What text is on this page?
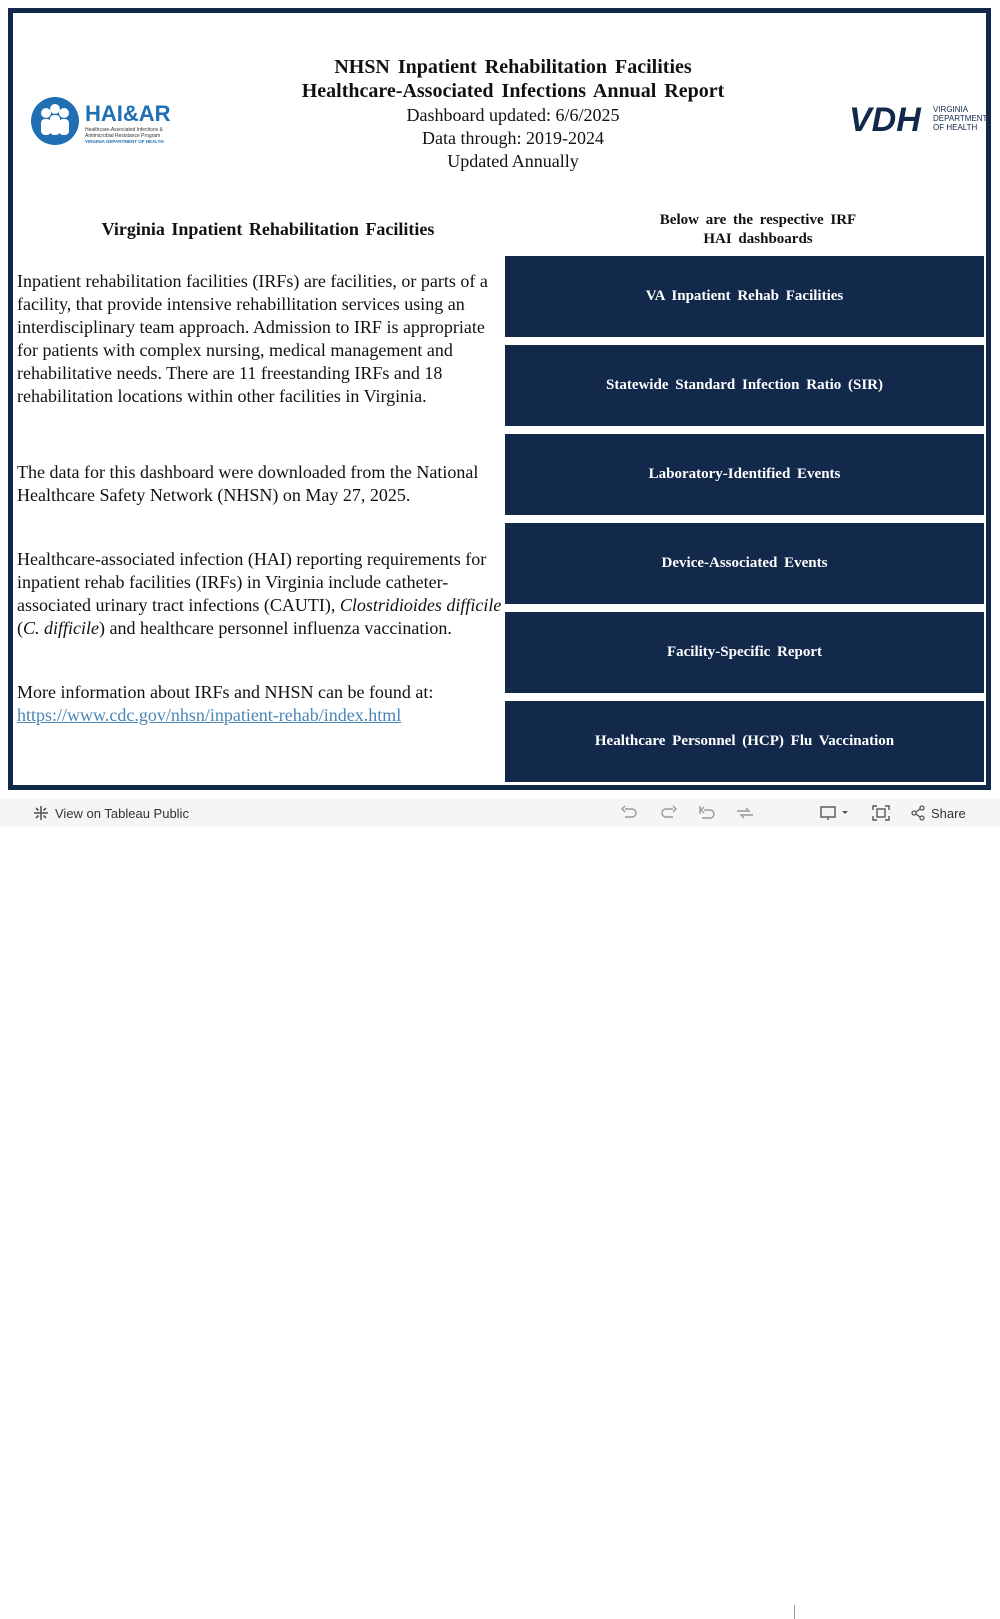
HAI&AR
Healthcare-Associated Infections &
Antimicrobial Resistance Program
VIRGINIA DEPARTMENT OF HEALTH
VDH VIRGINIA
DEPARTMENT
OF HEALTH
NHSN Inpatient Rehabilitation Facilities
Healthcare-Associated Infections Annual Report
Dashboard updated: 6/6/2025
Data through: 2019-2024
Updated Annually
Virginia Inpatient Rehabilitation Facilities
Inpatient rehabilitation facilities (IRFs) are facilities, or parts of a facility, that provide intensive rehabillitation services using an interdisciplinary team approach. Admission to IRF is appropriate for patients with complex nursing, medical management and rehabilitative needs. There are 11 freestanding IRFs and 18 rehabilitation locations within other facilities in Virginia.
The data for this dashboard were downloaded from the National Healthcare Safety Network (NHSN) on May 27, 2025.
Healthcare-associated infection (HAI) reporting requirements for inpatient rehab facilities (IRFs) in Virginia include catheter-associated urinary tract infections (CAUTI), Clostridioides difficile (C. difficile) and healthcare personnel influenza vaccination.
More information about IRFs and NHSN can be found at:
https://www.cdc.gov/nhsn/inpatient-rehab/index.html
Below are the respective IRF
HAI dashboards
VA Inpatient Rehab Facilities
Statewide Standard Infection Ratio (SIR)
Laboratory-Identified Events
Device-Associated Events
Facility-Specific Report
Healthcare Personnel (HCP) Flu Vaccination
View on Tableau Public	Share
